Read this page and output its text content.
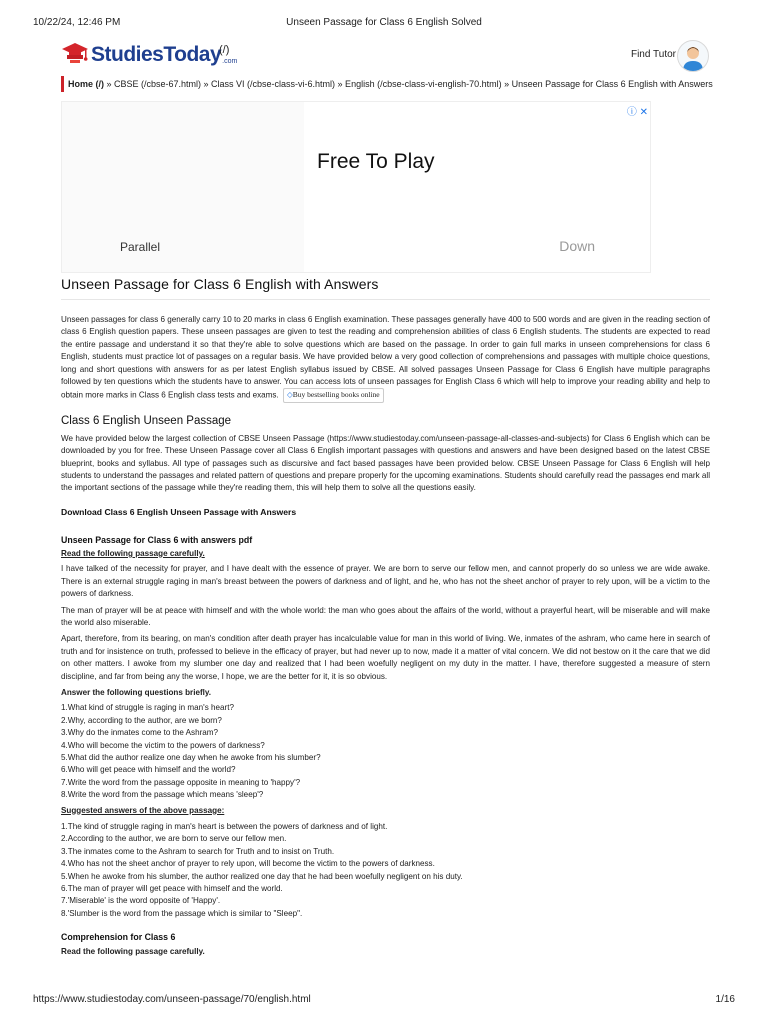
10/22/24, 12:46 PM	Unseen Passage for Class 6 English Solved
StudiesToday .com
(/)	Find Tutor
Home (/) » CBSE (/cbse-67.html) » Class VI (/cbse-class-vi-6.html) » English (/cbse-class-vi-english-70.html) » Unseen Passage for Class 6 English with Answers
Free To Play
Parallel	Down
ⓘ ✕
Unseen Passage for Class 6 English with Answers

Unseen passages for class 6 generally carry 10 to 20 marks in class 6 English examination. These passages generally have 400 to 500 words and are given in the reading section of class 6 English question papers. These unseen passages are given to test the reading and comprehension abilities of class 6 English students. The students are expected to read the entire passage and understand it so that they're able to solve questions which are based on the passage. In order to gain full marks in unseen comprehensions for class 6 English, students must practice lot of passages on a regular basis. We have provided below a very good collection of comprehensions and passages with multiple choice questions, long and short questions with answers for as per latest English syllabus issued by CBSE. All solved passages Unseen Passage for Class 6 English have multiple paragraphs followed by ten questions which the students have to answer. You can access lots of unseen passages for English Class 6 which will help to improve your reading ability and help to obtain more marks in Class 6 English class tests and exams. ◇Buy bestselling books online

Class 6 English Unseen Passage

We have provided below the largest collection of CBSE Unseen Passage (https://www.studiestoday.com/unseen-passage-all-classes-and-subjects) for Class 6 English which can be downloaded by you for free. These Unseen Passage cover all Class 6 English important passages with questions and answers and have been designed based on the latest CBSE blueprint, books and syllabus. All type of passages such as discursive and fact based passages have been provided below. CBSE Unseen Passage for Class 6 English will help students to understand the passages and related pattern of questions and prepare properly for the upcoming examinations. Students should carefully read the passages end mark all the important sections of the passage while they're reading them, this will help them to solve all the questions easily.

Download Class 6 English Unseen Passage with Answers
Unseen Passage for Class 6 with answers pdf

Read the following passage carefully.

I have talked of the necessity for prayer, and I have dealt with the essence of prayer. We are born to serve our fellow men, and cannot properly do so unless we are wide awake. There is an external struggle raging in man's breast between the powers of darkness and of light, and he, who has not the sheet anchor of prayer to rely upon, will be a victim to the powers of darkness.

The man of prayer will be at peace with himself and with the whole world: the man who goes about the affairs of the world, without a prayerful heart, will be miserable and will make the world also miserable.

Apart, therefore, from its bearing, on man's condition after death prayer has incalculable value for man in this world of living. We, inmates of the ashram, who came here in search of truth and for insistence on truth, professed to believe in the efficacy of prayer, but had never up to now, made it a matter of vital concern. We did not bestow on it the care that we did on other matters. I awoke from my slumber one day and realized that I had been woefully negligent on my duty in the matter. I have, therefore suggested a measure of stern discipline, and far from being any the worse, I hope, we are the better for it, it is so obvious.

Answer the following questions briefly.

1.What kind of struggle is raging in man's heart?
2.Why, according to the author, are we born?
3.Why do the inmates come to the Ashram?
4.Who will become the victim to the powers of darkness?
5.What did the author realize one day when he awoke from his slumber?
6.Who will get peace with himself and the world?
7.Write the word from the passage opposite in meaning to 'happy'?
8.Write the word from the passage which means 'sleep'?

Suggested answers of the above passage:

1.The kind of struggle raging in man's heart is between the powers of darkness and of light.
2.According to the author, we are born to serve our fellow men.
3.The inmates come to the Ashram to search for Truth and to insist on Truth.
4.Who has not the sheet anchor of prayer to rely upon, will become the victim to the powers of darkness.
5.When he awoke from his slumber, the author realized one day that he had been woefully negligent on his duty.
6.The man of prayer will get peace with himself and the world.
7.'Miserable' is the word opposite of 'Happy'.
8.'Slumber is the word from the passage which is similar to "Sleep".
Comprehension for Class 6

Read the following passage carefully.

https://www.studiestoday.com/unseen-passage/70/english.html	1/16
